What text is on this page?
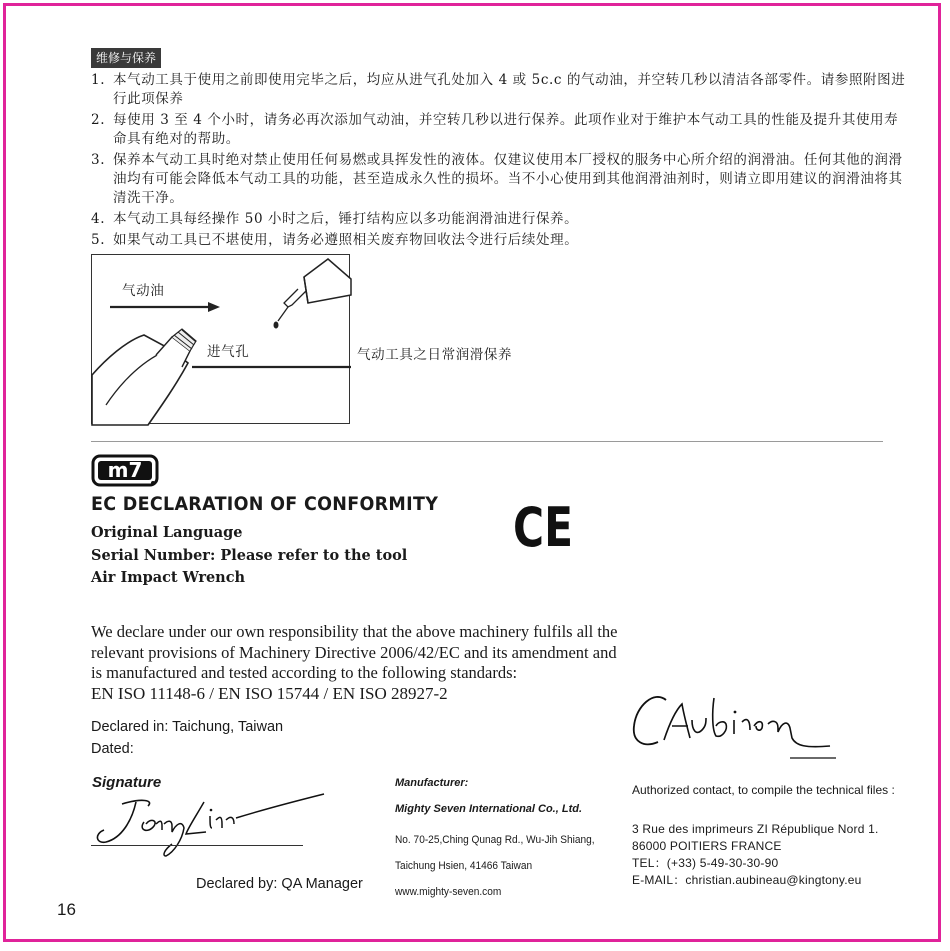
维修与保养
1. 本气动工具于使用之前即使用完毕之后，均应从进气孔处加入 4 或 5c.c 的气动油，并空转几秒以清洁各部零件。请参照附图进行此项保养
2. 每使用 3 至 4 个小时，请务必再次添加气动油，并空转几秒以进行保养。此项作业对于维护本气动工具的性能及提升其使用寿命具有绝对的帮助。
3. 保养本气动工具时绝对禁止使用任何易燃或具挥发性的液体。仅建议使用本厂授权的服务中心所介绍的润滑油。任何其他的润滑油均有可能会降低本气动工具的功能，甚至造成永久性的损坏。当不小心使用到其他润滑油剂时，则请立即用建议的润滑油将其清洗干净。
4. 本气动工具每经操作 50 小时之后，锤打结构应以多功能润滑油进行保养。
5. 如果气动工具已不堪使用，请务必遵照相关废弃物回收法令进行后续处理。
气动油
进气孔	气动工具之日常润滑保养
m7
EC DECLARATION OF CONFORMITY CE
Original Language
Serial Number: Please refer to the tool
Air Impact Wrench
We declare under our own responsibility that the above machinery fulfils all the
relevant provisions of Machinery Directive 2006/42/EC and its amendment and
is manufactured and tested according to the following standards:
EN ISO 11148-6 / EN ISO 15744 / EN ISO 28927-2
Declared in: Taichung, Taiwan
Dated:
Signature
Declared by: QA Manager
Manufacturer:
Mighty Seven International Co., Ltd.
No. 70-25,Ching Qunag Rd., Wu-Jih Shiang,
Taichung Hsien, 41466 Taiwan
www.mighty-seven.com
Authorized contact, to compile the technical files :
3 Rue des imprimeurs ZI République Nord 1.
86000 POITIERS FRANCE
TEL：(+33) 5-49-30-30-90
E-MAIL：christian.aubineau@kingtony.eu
16
